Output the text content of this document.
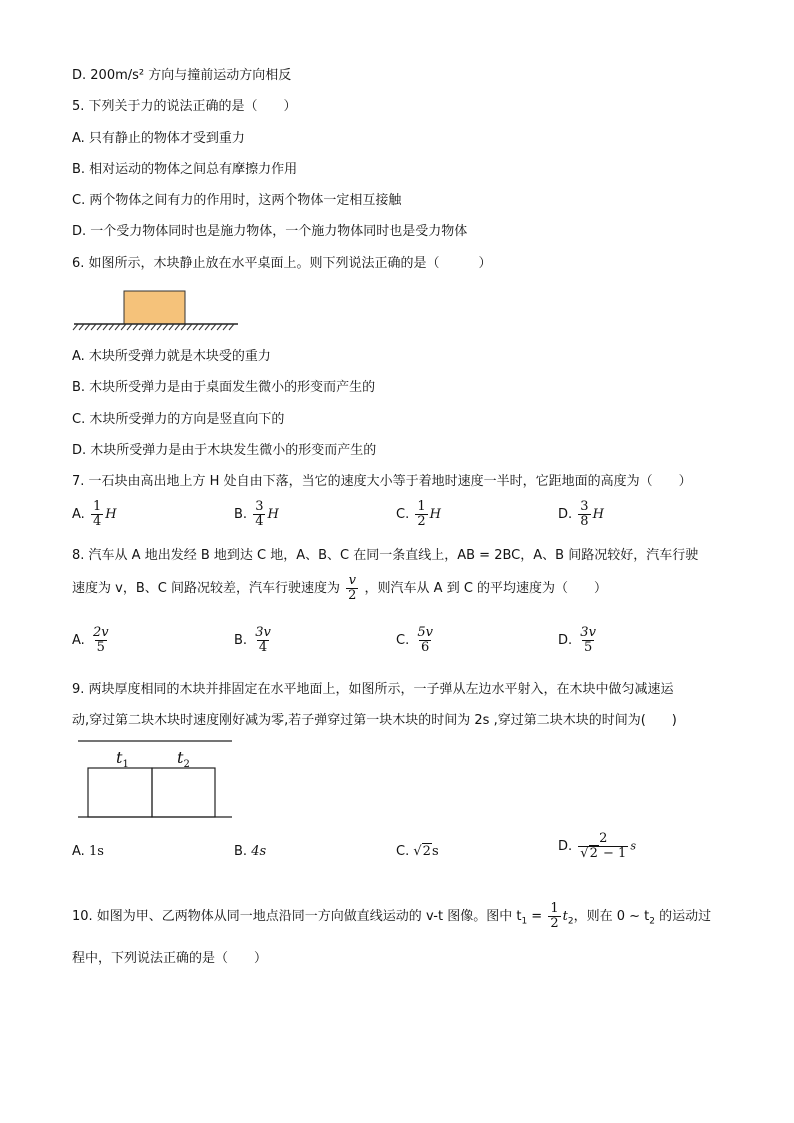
D. 200m/s² 方向与撞前运动方向相反
5. 下列关于力的说法正确的是（　　）
A. 只有静止的物体才受到重力
B. 相对运动的物体之间总有摩擦力作用
C. 两个物体之间有力的作用时，这两个物体一定相互接触
D. 一个受力物体同时也是施力物体，一个施力物体同时也是受力物体
6. 如图所示，木块静止放在水平桌面上。则下列说法正确的是（　　　）
A. 木块所受弹力就是木块受的重力
B. 木块所受弹力是由于桌面发生微小的形变而产生的
C. 木块所受弹力的方向是竖直向下的
D. 木块所受弹力是由于木块发生微小的形变而产生的
7. 一石块由高出地上方 H 处自由下落，当它的速度大小等于着地时速度一半时，它距地面的高度为（　　）
A. $\frac{1}{4}$ H	B. $\frac{3}{4}$ H	C. $\frac{1}{2}$ H	D. $\frac{3}{8}$ H
8. 汽车从 A 地出发经 B 地到达 C 地，A、B、C 在同一条直线上，AB = 2BC，A、B 间路况较好，汽车行驶
速度为 v，B、C 间路况较差，汽车行驶速度为 $\frac{v}{2}$ ，则汽车从 A 到 C 的平均速度为（　　）
A. $\frac{2v}{5}$	B. $\frac{3v}{4}$	C. $\frac{5v}{6}$	D. $\frac{3v}{5}$
9. 两块厚度相同的木块并排固定在水平地面上，如图所示，一子弹从左边水平射入，在木块中做匀减速运
动,穿过第二块木块时速度刚好减为零,若子弹穿过第一块木块的时间为 2s ,穿过第二块木块的时间为(　　)
$t_1$	$t_2$
A. 1s	B. 4s	C. √2s	D. $\frac{2}{√2 - 1}$ s
10. 如图为甲、乙两物体从同一地点沿同一方向做直线运动的 v-t 图像。图中 $t_1 = \frac{1}{2} t_2$，则在 0 ~ $t_2$ 的运动过
程中，下列说法正确的是（　　）
